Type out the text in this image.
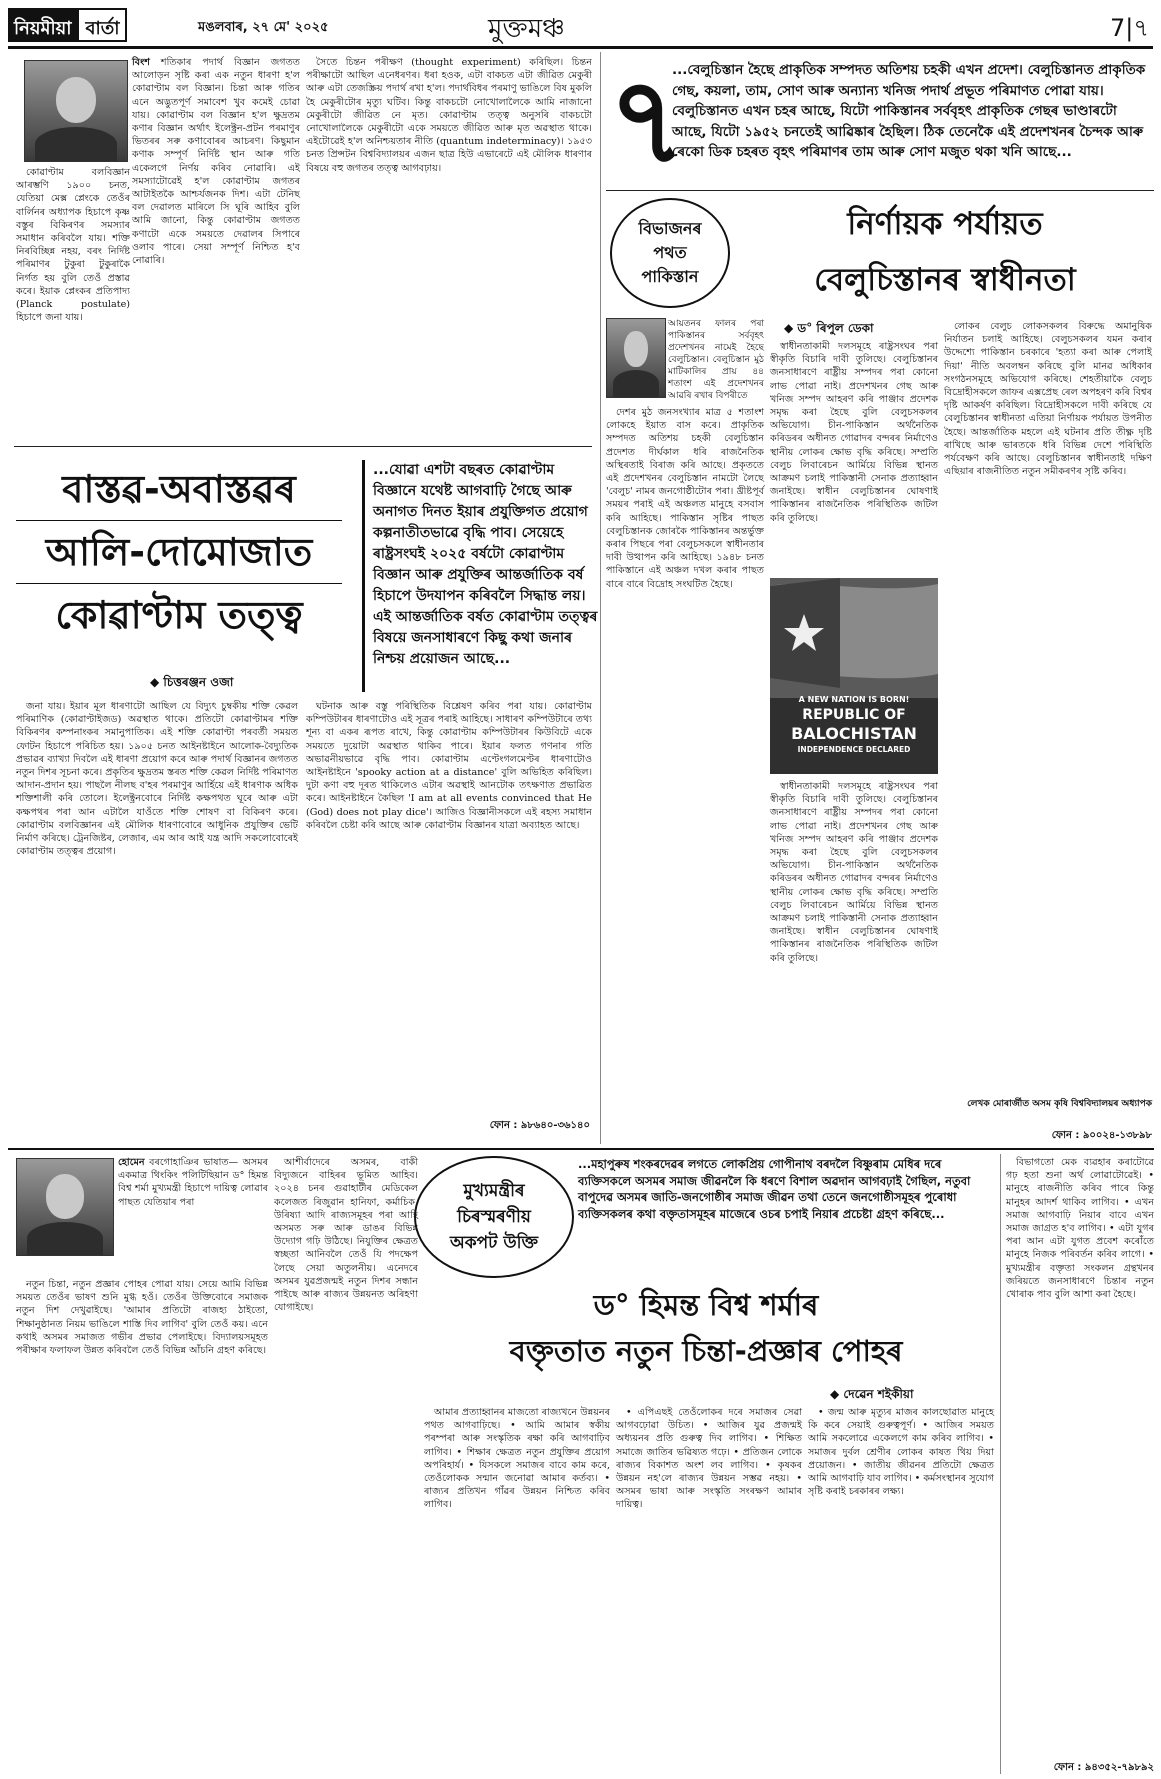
নিয়মীয়া বাৰ্তা	মঙলবাৰ, ২৭ মে' ২০২৫	মুক্তমঞ্চ	7|৭

বিংশ শতিকাৰ পদাৰ্থ বিজ্ঞান জগতত আলোড়ন সৃষ্টি কৰা এক নতুন ধাৰণা হ'ল কোৱাণ্টাম বল বিজ্ঞান। চিন্তা আৰু গতিৰ এনে অদ্ভুতপূৰ্ণ সমাবেশ খুব কমেই চোৱা যায়। কোৱাণ্টাম বল বিজ্ঞান হ'ল ক্ষুদ্ৰতম কণাৰ বিজ্ঞান অৰ্থাৎ ইলেক্ট্ৰন-প্ৰটন পৰমাণুৰ ভিতৰৰ সৰু কণাবোৰৰ আচৰণ। কিছুমান কণাক সম্পূৰ্ণ নিৰ্দিষ্ট স্থান আৰু গতি একেলগে নিৰ্ণয় কৰিব নোৱাৰি। এই সমস্যাটোৱেই হ'ল কোৱাণ্টাম জগতৰ আটাইতকৈ আশ্চৰ্যজনক দিশ। এটা টেনিছ বল দেৱালত মাৰিলে সি ঘূৰি আহিব বুলি আমি জানো, কিন্তু কোৱাণ্টাম জগতত কণাটো একে সময়তে দেৱালৰ সিপাৰে ওলাব পাৰে। সেয়া সম্পূৰ্ণ নিশ্চিত হ'ব নোৱাৰি।

কোৱাণ্টাম বলবিজ্ঞান আৰম্ভণি ১৯০০ চনত, যেতিয়া মেক্স প্লেংকে তেওঁৰ বাৰ্লিনৰ অধ্যাপক হিচাপে কৃষ্ণ বস্তুৰ বিকিৰণৰ সমস্যাৰ সমাধান কৰিবলৈ যায়। শক্তি নিৰবিচ্ছিন্ন নহয়, বৰং নিৰ্দিষ্ট পৰিমাণৰ টুকুৰা টুকুৰাকৈ নিৰ্গত হয় বুলি তেওঁ প্ৰস্তাৱ কৰে। ইয়াক প্লেংকৰ প্ৰতিপাদ্য (Planck postulate) হিচাপে জনা যায়।

সৈতে চিন্তন পৰীক্ষণ (thought experiment) কৰিছিল। চিন্তন পৰীক্ষাটো আছিল এনেধৰণৰ। ধৰা হওক, এটা বাকচত এটা জীৱিত মেকুৰী আৰু এটা তেজস্ক্ৰিয় পদাৰ্থ ৰখা হ'ল। পদাৰ্থবিধৰ পৰমাণু ভাঙিলে বিষ মুকলি হৈ মেকুৰীটোৰ মৃত্যু ঘটিব। কিন্তু বাকচটো নোখোলালৈকে আমি নাজানো মেকুৰীটো জীৱিত নে মৃত। কোৱাণ্টাম তত্ত্ব অনুসৰি বাকচটো নোখোলালৈকে মেকুৰীটো একে সময়তে জীৱিত আৰু মৃত অৱস্থাত থাকে। এইটোৱেই হ'ল অনিশ্চয়তাৰ নীতি (quantum indeterminacy)। ১৯৫৩ চনত প্ৰিন্সটন বিশ্ববিদ্যালয়ৰ এজন ছাত্ৰ হিউ এভাৰেটে এই মৌলিক ধাৰণাৰ বিষয়ে বহু জগতৰ তত্ত্ব আগবঢ়ায়।

বাস্তৱ-অবাস্তৱৰ
আলি-দোমোজাত
কোৱাণ্টাম তত্ত্ব
◆ চিত্তৰঞ্জন ওজা
...যোৱা এশটা বছৰত কোৱাণ্টাম বিজ্ঞানে যথেষ্ট আগবাঢ়ি গৈছে আৰু অনাগত দিনত ইয়াৰ প্ৰযুক্তিগত প্ৰয়োগ কল্পনাতীতভাৱে বৃদ্ধি পাব। সেয়েহে ৰাষ্ট্ৰসংঘই ২০২৫ বৰ্ষটো কোৱাণ্টাম বিজ্ঞান আৰু প্ৰযুক্তিৰ আন্তৰ্জাতিক বৰ্ষ হিচাপে উদযাপন কৰিবলৈ সিদ্ধান্ত লয়। এই আন্তৰ্জাতিক বৰ্ষত কোৱাণ্টাম তত্ত্বৰ বিষয়ে জনসাধাৰণে কিছু কথা জনাৰ নিশ্চয় প্ৰয়োজন আছে...

জনা যায়। ইয়াৰ মূল ধাৰণাটো আছিল যে বিদ্যুৎ চুম্বকীয় শক্তি কেৱল পৰিমাণিক (কোৱাণ্টাইজড) অৱস্থাত থাকে। প্ৰতিটো কোৱাণ্টামৰ শক্তি বিকিৰণৰ কম্পনাংকৰ সমানুপাতিক। এই শক্তি কোৱাণ্টা পৰবৰ্তী সময়ত ফোটন হিচাপে পৰিচিত হয়। ১৯০৫ চনত আইনষ্টাইনে আলোক-বৈদ্যুতিক প্ৰভাৱৰ ব্যাখ্যা দিবলৈ এই ধাৰণা প্ৰয়োগ কৰে আৰু পদাৰ্থ বিজ্ঞানৰ জগতত নতুন দিশৰ সূচনা কৰে। প্ৰকৃতিৰ ক্ষুদ্ৰতম স্তৰত শক্তি কেৱল নিৰ্দিষ্ট পৰিমাণত আদান-প্ৰদান হয়। পাছলৈ নীলছ ব'হৰ পৰমাণুৰ আৰ্হিয়ে এই ধাৰণাক অধিক শক্তিশালী কৰি তোলে। ইলেক্ট্ৰনবোৰে নিৰ্দিষ্ট কক্ষপথত ঘূৰে আৰু এটা কক্ষপথৰ পৰা আন এটালৈ যাওঁতে শক্তি শোষণ বা বিকিৰণ কৰে। কোৱাণ্টাম বলবিজ্ঞানৰ এই মৌলিক ধাৰণাবোৰে আধুনিক প্ৰযুক্তিৰ ভেটি নিৰ্মাণ কৰিছে। ট্ৰেনজিষ্টৰ, লেজাৰ, এম আৰ আই যন্ত্ৰ আদি সকলোবোৰেই কোৱাণ্টাম তত্ত্বৰ প্ৰয়োগ।

ঘটনাক আৰু বস্তু পৰিস্থিতিক বিশ্লেষণ কৰিব পৰা যায়। কোৱাণ্টাম কম্পিউটাৰৰ ধাৰণাটোও এই সূত্ৰৰ পৰাই আহিছে। সাধাৰণ কম্পিউটাৰে তথ্য শূন্য বা একৰ ৰূপত ৰাখে, কিন্তু কোৱাণ্টাম কম্পিউটাৰৰ কিউবিটে একে সময়তে দুয়োটা অৱস্থাত থাকিব পাৰে। ইয়াৰ ফলত গণনাৰ গতি অভাৱনীয়ভাৱে বৃদ্ধি পাব। কোৱাণ্টাম এণ্টেংগলমেণ্টৰ ধাৰণাটোও আইনষ্টাইনে 'spooky action at a distance' বুলি অভিহিত কৰিছিল। দুটা কণা বহু দূৰত থাকিলেও এটাৰ অৱস্থাই আনটোক তৎক্ষণাত প্ৰভাৱিত কৰে। আইনষ্টাইনে কৈছিল 'I am at all events convinced that He (God) does not play dice'। আজিও বিজ্ঞানীসকলে এই ৰহস্য সমাধান কৰিবলৈ চেষ্টা কৰি আছে আৰু কোৱাণ্টাম বিজ্ঞানৰ যাত্ৰা অব্যাহত আছে।

ফোন : ৯৮৬৪০-৩৬১৪০
৭
...বেলুচিস্তান হৈছে প্ৰাকৃতিক সম্পদত অতিশয় চহকী এখন প্ৰদেশ। বেলুচিস্তানত প্ৰাকৃতিক গেছ, কয়লা, তাম, সোণ আৰু অন্যান্য খনিজ পদাৰ্থ প্ৰভূত পৰিমাণত পোৱা যায়। বেলুচিস্তানত এখন চহৰ আছে, যিটো পাকিস্তানৰ সৰ্ববৃহৎ প্ৰাকৃতিক গেছৰ ভাণ্ডাৰটো আছে, যিটো ১৯৫২ চনতেই আৱিষ্কাৰ হৈছিল। ঠিক তেনেকৈ এই প্ৰদেশখনৰ চৈন্দক আৰু ৰেকো ডিক চহৰত বৃহৎ পৰিমাণৰ তাম আৰু সোণ মজুত থকা খনি আছে...
বিভাজনৰ
পথত
পাকিস্তান
নিৰ্ণায়ক পৰ্যায়ত
বেলুচিস্তানৰ স্বাধীনতা
আয়তনৰ ফালৰ পৰা পাকিস্তানৰ সৰ্ববৃহৎ প্ৰদেশখনৰ নামেই হৈছে বেলুচিস্তান। বেলুচিস্তান মুঠ মাটিকালিৰ প্ৰায় ৪৪ শতাংশ এই প্ৰদেশখনৰ আৱৰি ৰখাৰ বিপৰীতে
◆ ড° ৰিপুল ডেকা

দেশৰ মুঠ জনসংখ্যাৰ মাত্ৰ ৫ শতাংশ লোকহে ইয়াত বাস কৰে। প্ৰাকৃতিক সম্পদত অতিশয় চহকী বেলুচিস্তান প্ৰদেশত দীৰ্ঘকাল ধৰি ৰাজনৈতিক অস্থিৰতাই বিৰাজ কৰি আছে। প্ৰকৃততে এই প্ৰদেশখনৰ বেলুচিস্তান নামটো লৈছে 'বেলুচ' নামৰ জনগোষ্ঠীটোৰ পৰা। খ্ৰীষ্টপূৰ্ব সময়ৰ পৰাই এই অঞ্চলত মানুহে বসবাস কৰি আহিছে। পাকিস্তান সৃষ্টিৰ পাছত বেলুচিস্তানক জোৰকৈ পাকিস্তানৰ অন্তৰ্ভুক্ত কৰাৰ পিছৰে পৰা বেলুচসকলে স্বাধীনতাৰ দাবী উত্থাপন কৰি আহিছে। ১৯৪৮ চনত পাকিস্তানে এই অঞ্চল দখল কৰাৰ পাছত বাৰে বাৰে বিদ্ৰোহ সংঘটিত হৈছে।

স্বাধীনতাকামী দলসমূহে ৰাষ্ট্ৰসংঘৰ পৰা স্বীকৃতি বিচাৰি দাবী তুলিছে। বেলুচিস্তানৰ জনসাধাৰণে ৰাষ্ট্ৰীয় সম্পদৰ পৰা কোনো লাভ পোৱা নাই। প্ৰদেশখনৰ গেছ আৰু খনিজ সম্পদ আহৰণ কৰি পাঞ্জাব প্ৰদেশক সমৃদ্ধ কৰা হৈছে বুলি বেলুচসকলৰ অভিযোগ। চীন-পাকিস্তান অৰ্থনৈতিক কৰিডৰৰ অধীনত গোৱাদৰ বন্দৰৰ নিৰ্মাণেও স্থানীয় লোকৰ ক্ষোভ বৃদ্ধি কৰিছে। সম্প্ৰতি বেলুচ লিবাৰেচন আৰ্মিয়ে বিভিন্ন স্থানত আক্ৰমণ চলাই পাকিস্তানী সেনাক প্ৰত্যাহ্বান জনাইছে। স্বাধীন বেলুচিস্তানৰ ঘোষণাই পাকিস্তানৰ ৰাজনৈতিক পৰিস্থিতিক জটিল কৰি তুলিছে।

লোকৰ বেলুচ লোকসকলৰ বিৰুদ্ধে অমানুষিক নিৰ্যাতন চলাই আহিছে। বেলুচসকলৰ যমন কৰাৰ উদ্দেশ্যে পাকিস্তান চৰকাৰে 'হত্যা কৰা আৰু পেলাই দিয়া' নীতি অবলম্বন কৰিছে বুলি মানৱ অধিকাৰ সংগঠনসমূহে অভিযোগ কৰিছে। শেহতীয়াকৈ বেলুচ বিদ্ৰোহীসকলে জাফৰ এক্সপ্ৰেছ ৰেল অপহৰণ কৰি বিশ্বৰ দৃষ্টি আকৰ্ষণ কৰিছিল। বিদ্ৰোহীসকলে দাবী কৰিছে যে বেলুচিস্তানৰ স্বাধীনতা এতিয়া নিৰ্ণায়ক পৰ্যায়ত উপনীত হৈছে। আন্তৰ্জাতিক মহলে এই ঘটনাৰ প্ৰতি তীক্ষ্ণ দৃষ্টি ৰাখিছে আৰু ভাৰতকে ধৰি বিভিন্ন দেশে পৰিস্থিতি পৰ্যবেক্ষণ কৰি আছে। বেলুচিস্তানৰ স্বাধীনতাই দক্ষিণ এছিয়াৰ ৰাজনীতিত নতুন সমীকৰণৰ সৃষ্টি কৰিব।

A NEW NATION IS BORN!
REPUBLIC OF
BALOCHISTAN
INDEPENDENCE DECLARED

স্বাধীনতাকামী দলসমূহে ৰাষ্ট্ৰসংঘৰ পৰা স্বীকৃতি বিচাৰি দাবী তুলিছে। বেলুচিস্তানৰ জনসাধাৰণে ৰাষ্ট্ৰীয় সম্পদৰ পৰা কোনো লাভ পোৱা নাই। প্ৰদেশখনৰ গেছ আৰু খনিজ সম্পদ আহৰণ কৰি পাঞ্জাব প্ৰদেশক সমৃদ্ধ কৰা হৈছে বুলি বেলুচসকলৰ অভিযোগ। চীন-পাকিস্তান অৰ্থনৈতিক কৰিডৰৰ অধীনত গোৱাদৰ বন্দৰৰ নিৰ্মাণেও স্থানীয় লোকৰ ক্ষোভ বৃদ্ধি কৰিছে। সম্প্ৰতি বেলুচ লিবাৰেচন আৰ্মিয়ে বিভিন্ন স্থানত আক্ৰমণ চলাই পাকিস্তানী সেনাক প্ৰত্যাহ্বান জনাইছে। স্বাধীন বেলুচিস্তানৰ ঘোষণাই পাকিস্তানৰ ৰাজনৈতিক পৰিস্থিতিক জটিল কৰি তুলিছে।

লেখক মোৰাৰ্জীত অসম কৃষি বিশ্ববিদ্যালয়ৰ অধ্যাপক
ফোন : ৯০০২৪-১৩৮৯৮

হোমেন বৰগোহাঞিৰ ভাষাত— অসমৰ একমাত্ৰ থিংকিং পলিটিছিয়ান ড° হিমন্ত বিশ্ব শৰ্মা মুখ্যমন্ত্ৰী হিচাপে দায়িত্ব লোৱাৰ পাছত যেতিয়াৰ পৰা

নতুন চিন্তা, নতুন প্ৰজ্ঞাৰ পোহৰ পোৱা যায়। সেয়ে আমি বিভিন্ন সময়ত তেওঁৰ ভাষণ শুনি মুগ্ধ হওঁ। তেওঁৰ উক্তিবোৰে সমাজক নতুন দিশ দেখুৱাইছে। 'আমাৰ প্ৰতিটো ৰাজহ্য ঠাইতো, শিক্ষানুষ্ঠানত নিয়ম ভাঙিলে শাস্তি দিব লাগিব' বুলি তেওঁ কয়। এনে কথাই অসমৰ সমাজত গভীৰ প্ৰভাৱ পেলাইছে। বিদ্যালয়সমূহত পৰীক্ষাৰ ফলাফল উন্নত কৰিবলৈ তেওঁ বিভিন্ন আঁচনি গ্ৰহণ কৰিছে।

আশীৰ্বাদেৰে অসমৰ, বাকী বিদ্যুজনে বাহিৰৰ ভূমিত আহিব। ২০২৪ চনৰ গুৱাহাটীৰ মেডিকেল কলেজত ৰিজুৱান হানিফা, কৰ্মাচিক, উৰিষ্যা আদি ৰাজ্যসমূহৰ পৰা আহি অসমত সৰু আৰু ডাঙৰ বিভিন্ন উদ্যোগ গঢ়ি উঠিছে। নিযুক্তিৰ ক্ষেত্ৰত স্বচ্ছতা আনিবলৈ তেওঁ যি পদক্ষেপ লৈছে সেয়া অতুলনীয়। এনেদৰে অসমৰ যুৱপ্ৰজন্মই নতুন দিশৰ সন্ধান পাইছে আৰু ৰাজ্যৰ উন্নয়নত অৰিহণা যোগাইছে।

মুখ্যমন্ত্ৰীৰ
চিৰস্মৰণীয়
অকপট উক্তি
...মহাপুৰুষ শংকৰদেৱৰ লগতে লোকপ্ৰিয় গোপীনাথ বৰদলৈ বিষ্ণুৰাম মেধিৰ দৰে ব্যক্তিসকলে অসমৰ সমাজ জীৱনলৈ কি ধৰণে বিশাল অৱদান আগবঢ়াই গৈছিল, নতুবা বাপুদেৱ অসমৰ জাতি-জনগোষ্ঠীৰ সমাজ জীৱন তথা তেনে জনগোষ্ঠীসমূহৰ পুৰোধা ব্যক্তিসকলৰ কথা বক্তৃতাসমূহৰ মাজেৰে ওচৰ চপাই নিয়াৰ প্ৰচেষ্টা গ্ৰহণ কৰিছে...
ড° হিমন্ত বিশ্ব শৰ্মাৰ
বক্তৃতাত নতুন চিন্তা-প্ৰজ্ঞাৰ পোহৰ
◆ দেৱেন শইকীয়া

আমাৰ প্ৰত্যাহ্বানৰ মাজতো ৰাজ্যখনে উন্নয়নৰ পথত আগবাঢ়িছে। • আমি আমাৰ স্বকীয় পৰম্পৰা আৰু সংস্কৃতিক ৰক্ষা কৰি আগবাঢ়িব লাগিব। • শিক্ষাৰ ক্ষেত্ৰত নতুন প্ৰযুক্তিৰ প্ৰয়োগ অপৰিহাৰ্য। • যিসকলে সমাজৰ বাবে কাম কৰে, তেওঁলোকক সন্মান জনোৱা আমাৰ কৰ্তব্য। • ৰাজ্যৰ প্ৰতিখন গাঁৱৰ উন্নয়ন নিশ্চিত কৰিব লাগিব।

• এপিএছই তেওঁলোকৰ দৰে সমাজৰ সেৱা আগবঢ়োৱা উচিত। • আজিৰ যুৱ প্ৰজন্মই অধ্যয়নৰ প্ৰতি গুৰুত্ব দিব লাগিব। • শিক্ষিত সমাজে জাতিৰ ভৱিষ্যত গঢ়ে। • প্ৰতিজন লোকে ৰাজ্যৰ বিকাশত অংশ লব লাগিব। • কৃষকৰ উন্নয়ন নহ'লে ৰাজ্যৰ উন্নয়ন সম্ভৱ নহয়। • অসমৰ ভাষা আৰু সংস্কৃতি সংৰক্ষণ আমাৰ দায়িত্ব।

• জন্ম আৰু মৃত্যুৰ মাজৰ কালছোৱাত মানুহে কি কৰে সেয়াই গুৰুত্বপূৰ্ণ। • আজিৰ সময়ত আমি সকলোৱে একেলগে কাম কৰিব লাগিব। • সমাজৰ দুৰ্বল শ্ৰেণীৰ লোকৰ কাষত থিয় দিয়া প্ৰয়োজন। • জাতীয় জীৱনৰ প্ৰতিটো ক্ষেত্ৰত আমি আগবাঢ়ি যাব লাগিব। • কৰ্মসংস্থানৰ সুযোগ সৃষ্টি কৰাই চৰকাৰৰ লক্ষ্য।

বিভাগতো মেক ব্যৱহাৰ কৰাটোৱে গঢ় হতা শুনা অৰ্থ লোৱাটোৱেই। • মানুহে ৰাজনীতি কৰিব পাৰে কিন্তু মানুহৰ আদৰ্শ থাকিব লাগিব। • এখন সমাজ আগবাঢ়ি নিয়াৰ বাবে এখন সমাজ জাগ্ৰত হ'ব লাগিব। • এটা যুগৰ পৰা আন এটা যুগত প্ৰবেশ কৰোঁতে মানুহে নিজক পৰিবৰ্তন কৰিব লাগে। • মুখ্যমন্ত্ৰীৰ বক্তৃতা সংকলন গ্ৰন্থখনৰ জৰিয়তে জনসাধাৰণে চিন্তাৰ নতুন খোৰাক পাব বুলি আশা কৰা হৈছে।

ফোন : ৯৪৩৫২-৭৯৮৯২
